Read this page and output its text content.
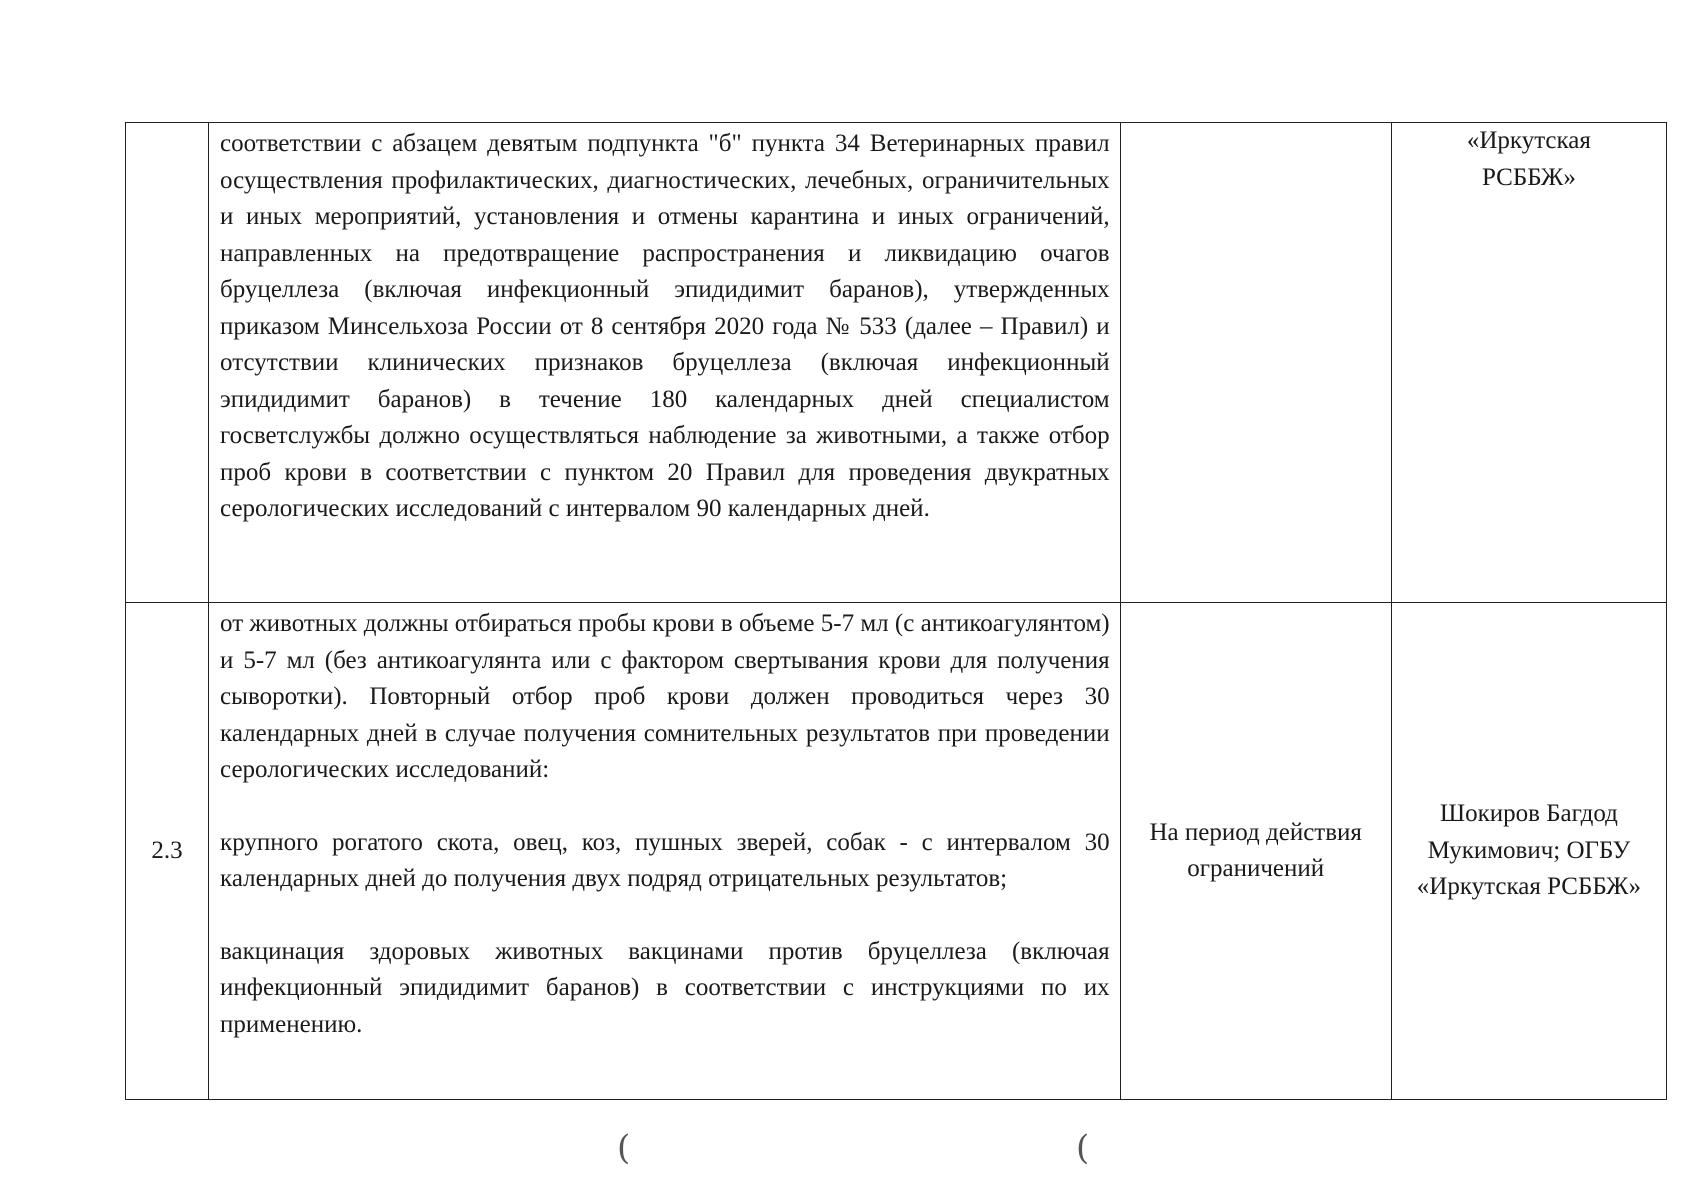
	соответствии с абзацем девятым подпункта "б" пункта 34 Ветеринарных правил осуществления профилактических, диагностических, лечебных, ограничительных и иных мероприятий, установления и отмены карантина и иных ограничений, направленных на предотвращение распространения и ликвидацию очагов бруцеллеза (включая инфекционный эпидидимит баранов), утвержденных приказом Минсельхоза России от 8 сентября 2020 года № 533 (далее – Правил) и отсутствии клинических признаков бруцеллеза (включая инфекционный эпидидимит баранов) в течение 180 календарных дней специалистом госветслужбы должно осуществляться наблюдение за животными, а также отбор проб крови в соответствии с пунктом 20 Правил для проведения двукратных серологических исследований с интервалом 90 календарных дней.		«Иркутская РСББЖ»

2.3	от животных должны отбираться пробы крови в объеме 5-7 мл (с антикоагулянтом) и 5-7 мл (без антикоагулянта или с фактором свертывания крови для получения сыворотки). Повторный отбор проб крови должен проводиться через 30 календарных дней в случае получения сомнительных результатов при проведении серологических исследований:

крупного рогатого скота, овец, коз, пушных зверей, собак - с интервалом 30 календарных дней до получения двух подряд отрицательных результатов;

вакцинация здоровых животных вакцинами против бруцеллеза (включая инфекционный эпидидимит баранов) в соответствии с инструкциями по их применению.	На период действия ограничений	Шокиров Багдод Мукимович; ОГБУ «Иркутская РСББЖ»
(	(
